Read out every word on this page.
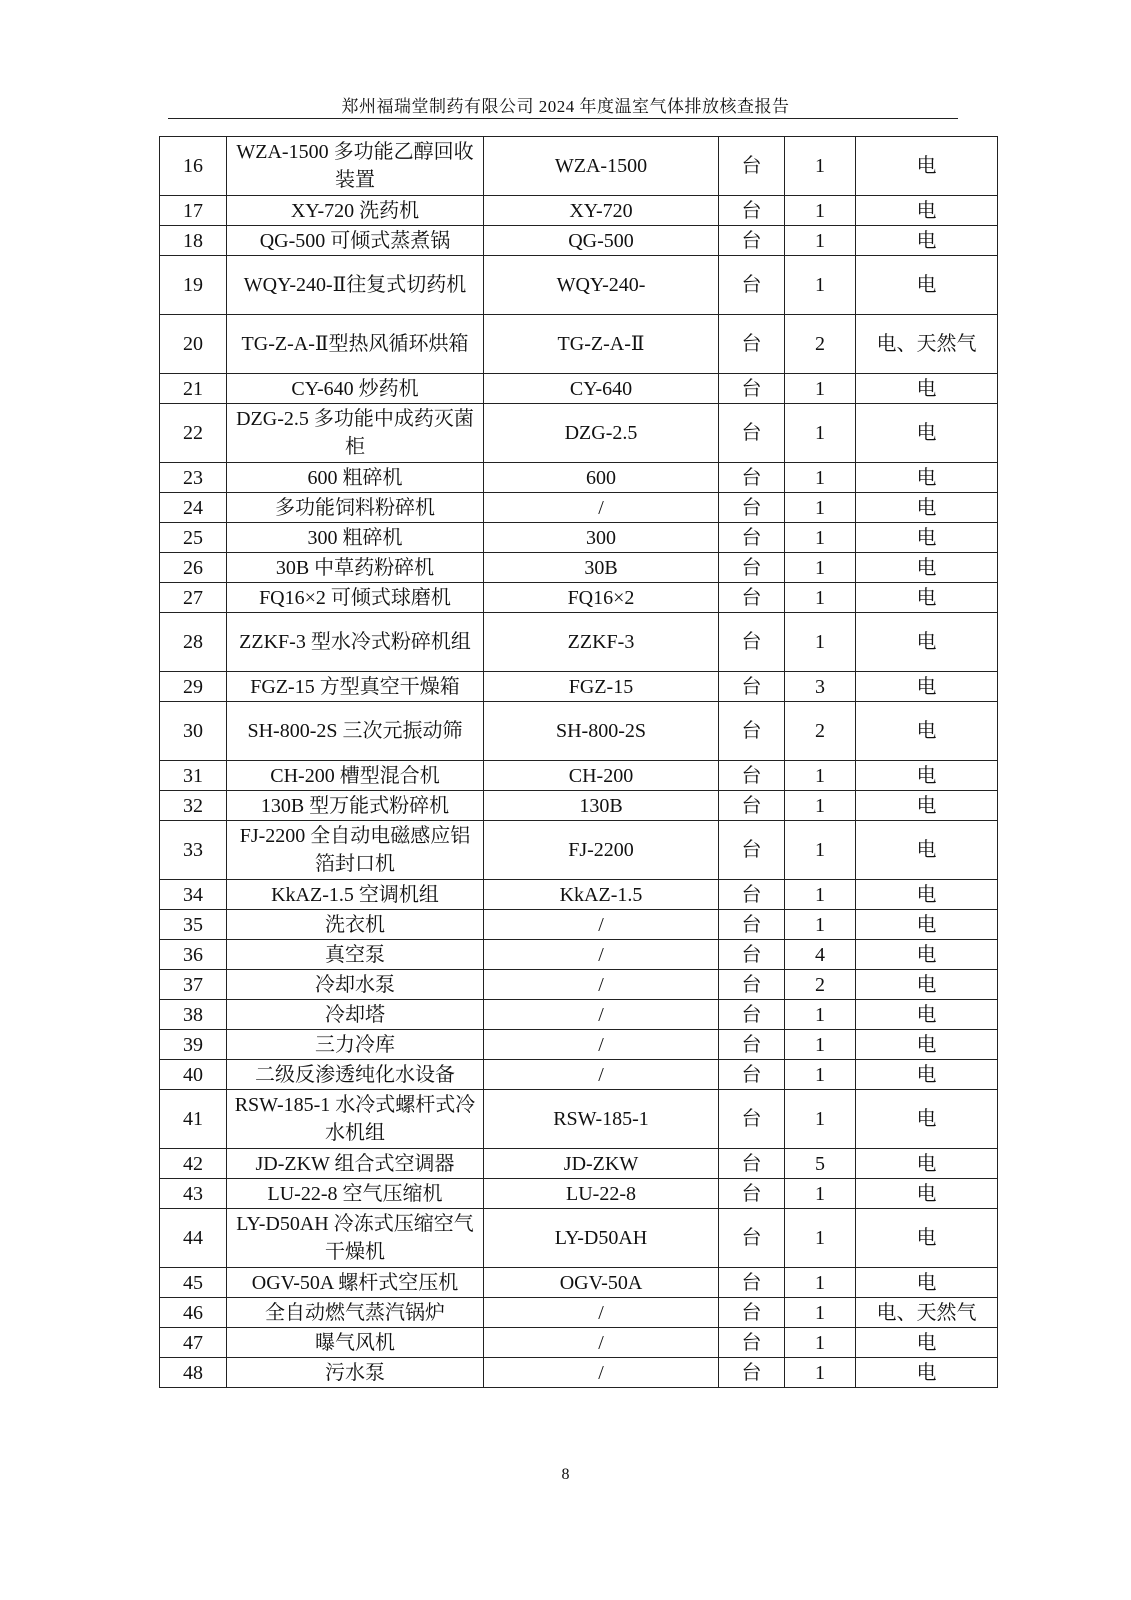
郑州福瑞堂制药有限公司 2024 年度温室气体排放核查报告
16	WZA-1500 多功能乙醇回收装置	WZA-1500	台	1	电
17	XY-720 洗药机	XY-720	台	1	电
18	QG-500 可倾式蒸煮锅	QG-500	台	1	电
19	WQY-240-Ⅱ往复式切药机	WQY-240-	台	1	电
20	TG-Z-A-Ⅱ型热风循环烘箱	TG-Z-A-Ⅱ	台	2	电、天然气
21	CY-640 炒药机	CY-640	台	1	电
22	DZG-2.5 多功能中成药灭菌柜	DZG-2.5	台	1	电
23	600 粗碎机	600	台	1	电
24	多功能饲料粉碎机	/	台	1	电
25	300 粗碎机	300	台	1	电
26	30B 中草药粉碎机	30B	台	1	电
27	FQ16×2 可倾式球磨机	FQ16×2	台	1	电
28	ZZKF-3 型水冷式粉碎机组	ZZKF-3	台	1	电
29	FGZ-15 方型真空干燥箱	FGZ-15	台	3	电
30	SH-800-2S 三次元振动筛	SH-800-2S	台	2	电
31	CH-200 槽型混合机	CH-200	台	1	电
32	130B 型万能式粉碎机	130B	台	1	电
33	FJ-2200 全自动电磁感应铝箔封口机	FJ-2200	台	1	电
34	KkAZ-1.5 空调机组	KkAZ-1.5	台	1	电
35	洗衣机	/	台	1	电
36	真空泵	/	台	4	电
37	冷却水泵	/	台	2	电
38	冷却塔	/	台	1	电
39	三力冷库	/	台	1	电
40	二级反渗透纯化水设备	/	台	1	电
41	RSW-185-1 水冷式螺杆式冷水机组	RSW-185-1	台	1	电
42	JD-ZKW 组合式空调器	JD-ZKW	台	5	电
43	LU-22-8 空气压缩机	LU-22-8	台	1	电
44	LY-D50AH 冷冻式压缩空气干燥机	LY-D50AH	台	1	电
45	OGV-50A 螺杆式空压机	OGV-50A	台	1	电
46	全自动燃气蒸汽锅炉	/	台	1	电、天然气
47	曝气风机	/	台	1	电
48	污水泵	/	台	1	电
8
